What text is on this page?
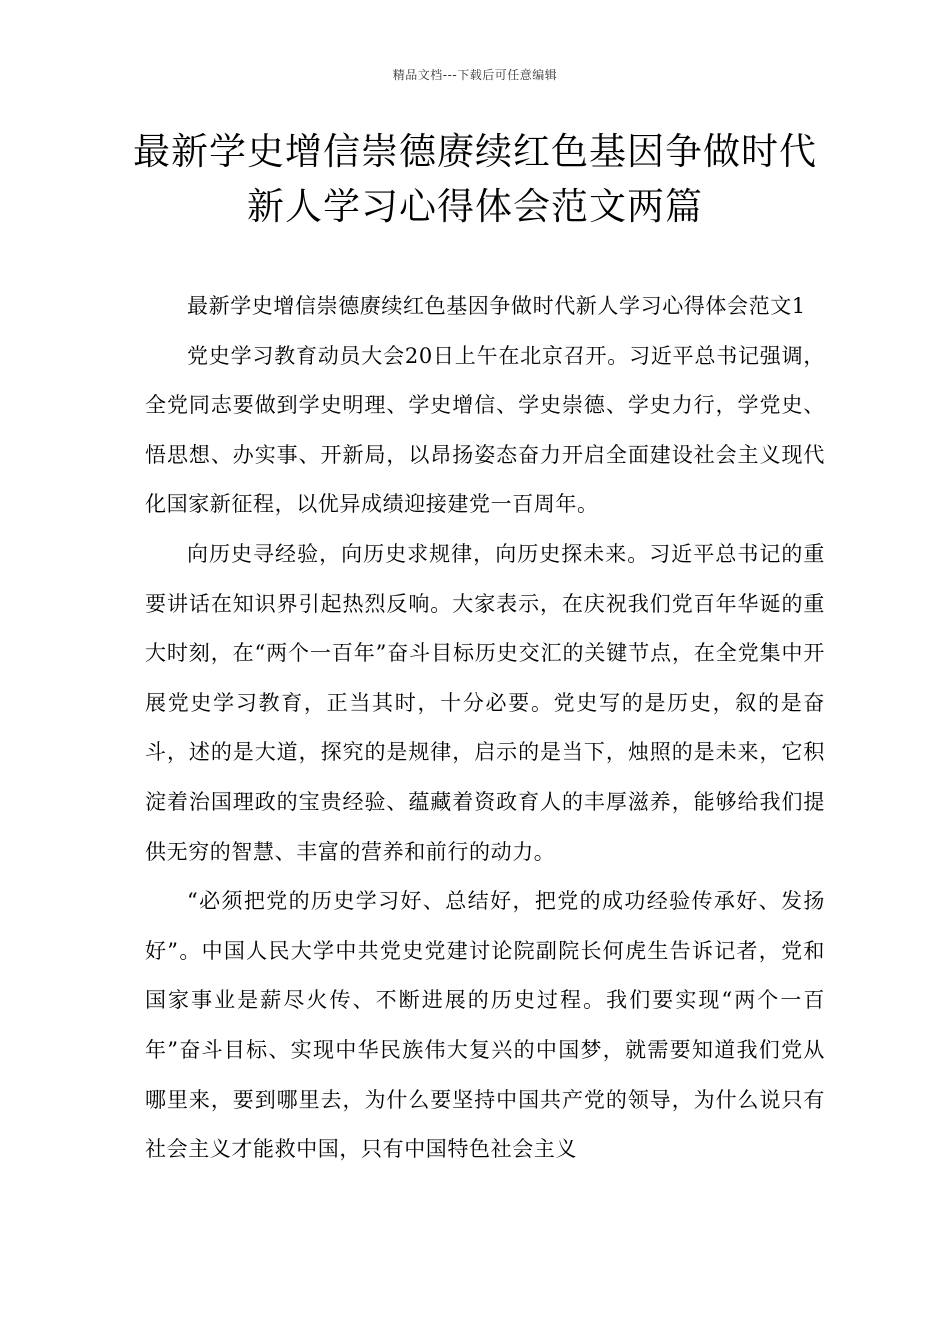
精品文档---下载后可任意编辑
最新学史增信崇德赓续红色基因争做时代新人学习心得体会范文两篇

最新学史增信崇德赓续红色基因争做时代新人学习心得体会范文1

党史学习教育动员大会20日上午在北京召开。习近平总书记强调，全党同志要做到学史明理、学史增信、学史崇德、学史力行，学党史、悟思想、办实事、开新局，以昂扬姿态奋力开启全面建设社会主义现代化国家新征程，以优异成绩迎接建党一百周年。

向历史寻经验，向历史求规律，向历史探未来。习近平总书记的重要讲话在知识界引起热烈反响。大家表示，在庆祝我们党百年华诞的重大时刻，在“两个一百年”奋斗目标历史交汇的关键节点，在全党集中开展党史学习教育，正当其时，十分必要。党史写的是历史，叙的是奋斗，述的是大道，探究的是规律，启示的是当下，烛照的是未来，它积淀着治国理政的宝贵经验、蕴藏着资政育人的丰厚滋养，能够给我们提供无穷的智慧、丰富的营养和前行的动力。

“必须把党的历史学习好、总结好，把党的成功经验传承好、发扬好”。中国人民大学中共党史党建讨论院副院长何虎生告诉记者，党和国家事业是薪尽火传、不断进展的历史过程。我们要实现“两个一百年”奋斗目标、实现中华民族伟大复兴的中国梦，就需要知道我们党从哪里来，要到哪里去，为什么要坚持中国共产党的领导，为什么说只有社会主义才能救中国，只有中国特色社会主义
